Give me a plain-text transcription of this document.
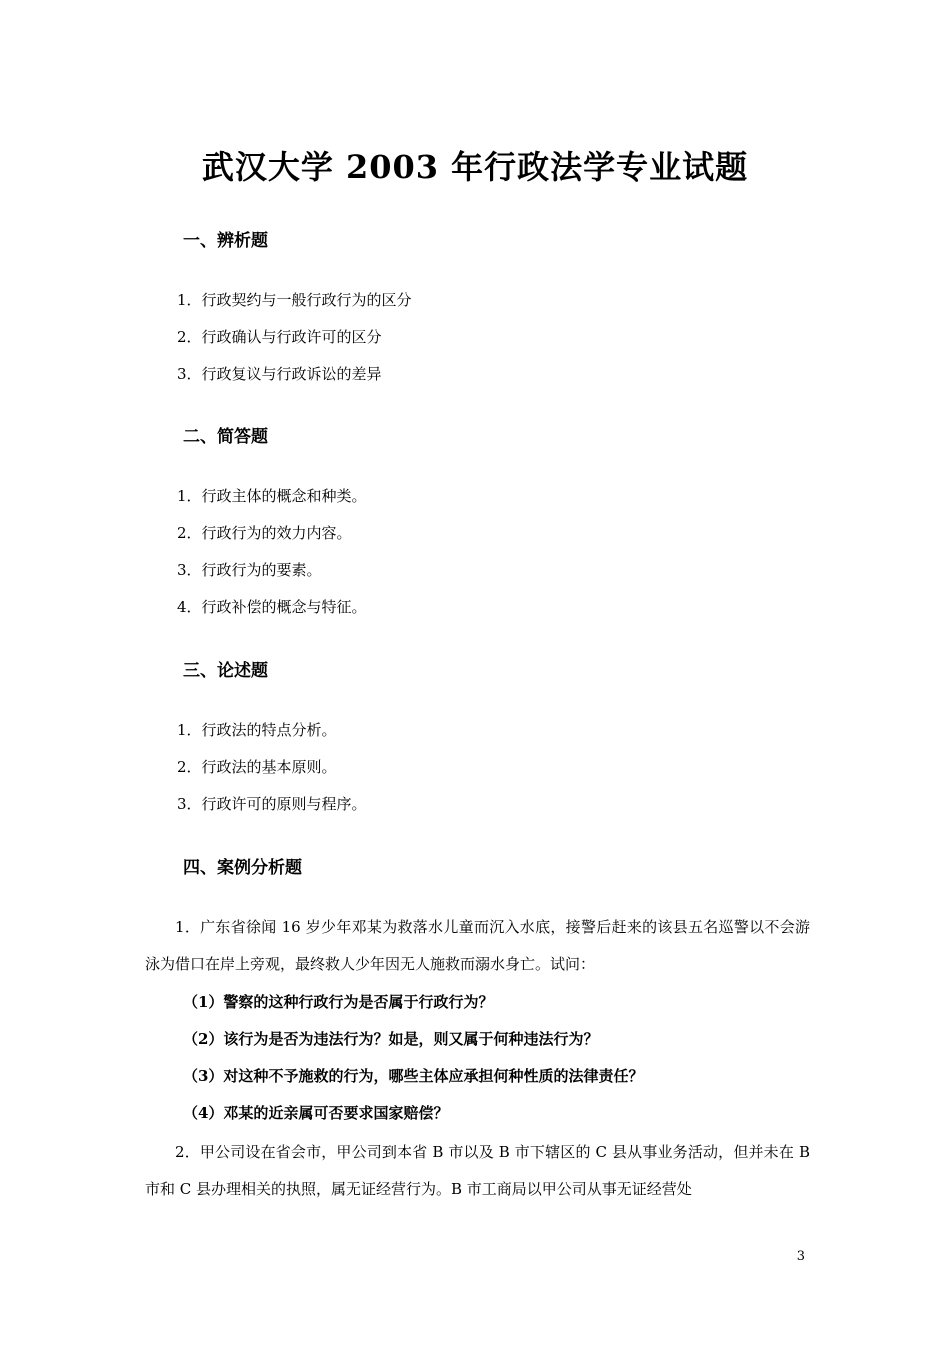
武汉大学 2003 年行政法学专业试题
一、辨析题
1．行政契约与一般行政行为的区分
2．行政确认与行政许可的区分
3．行政复议与行政诉讼的差异
二、简答题
1．行政主体的概念和种类。
2．行政行为的效力内容。
3．行政行为的要素。
4．行政补偿的概念与特征。
三、论述题
1．行政法的特点分析。
2．行政法的基本原则。
3．行政许可的原则与程序。
四、案例分析题

1．广东省徐闻 16 岁少年邓某为救落水儿童而沉入水底，接警后赶来的该县五名巡警以不会游泳为借口在岸上旁观，最终救人少年因无人施救而溺水身亡。试问：

（1）警察的这种行政行为是否属于行政行为？
（2）该行为是否为违法行为？如是，则又属于何种违法行为？
（3）对这种不予施救的行为，哪些主体应承担何种性质的法律责任？
（4）邓某的近亲属可否要求国家赔偿？

2．甲公司设在省会市，甲公司到本省 B 市以及 B 市下辖区的 C 县从事业务活动，但并未在 B 市和 C 县办理相关的执照，属无证经营行为。B 市工商局以甲公司从事无证经营处

3
